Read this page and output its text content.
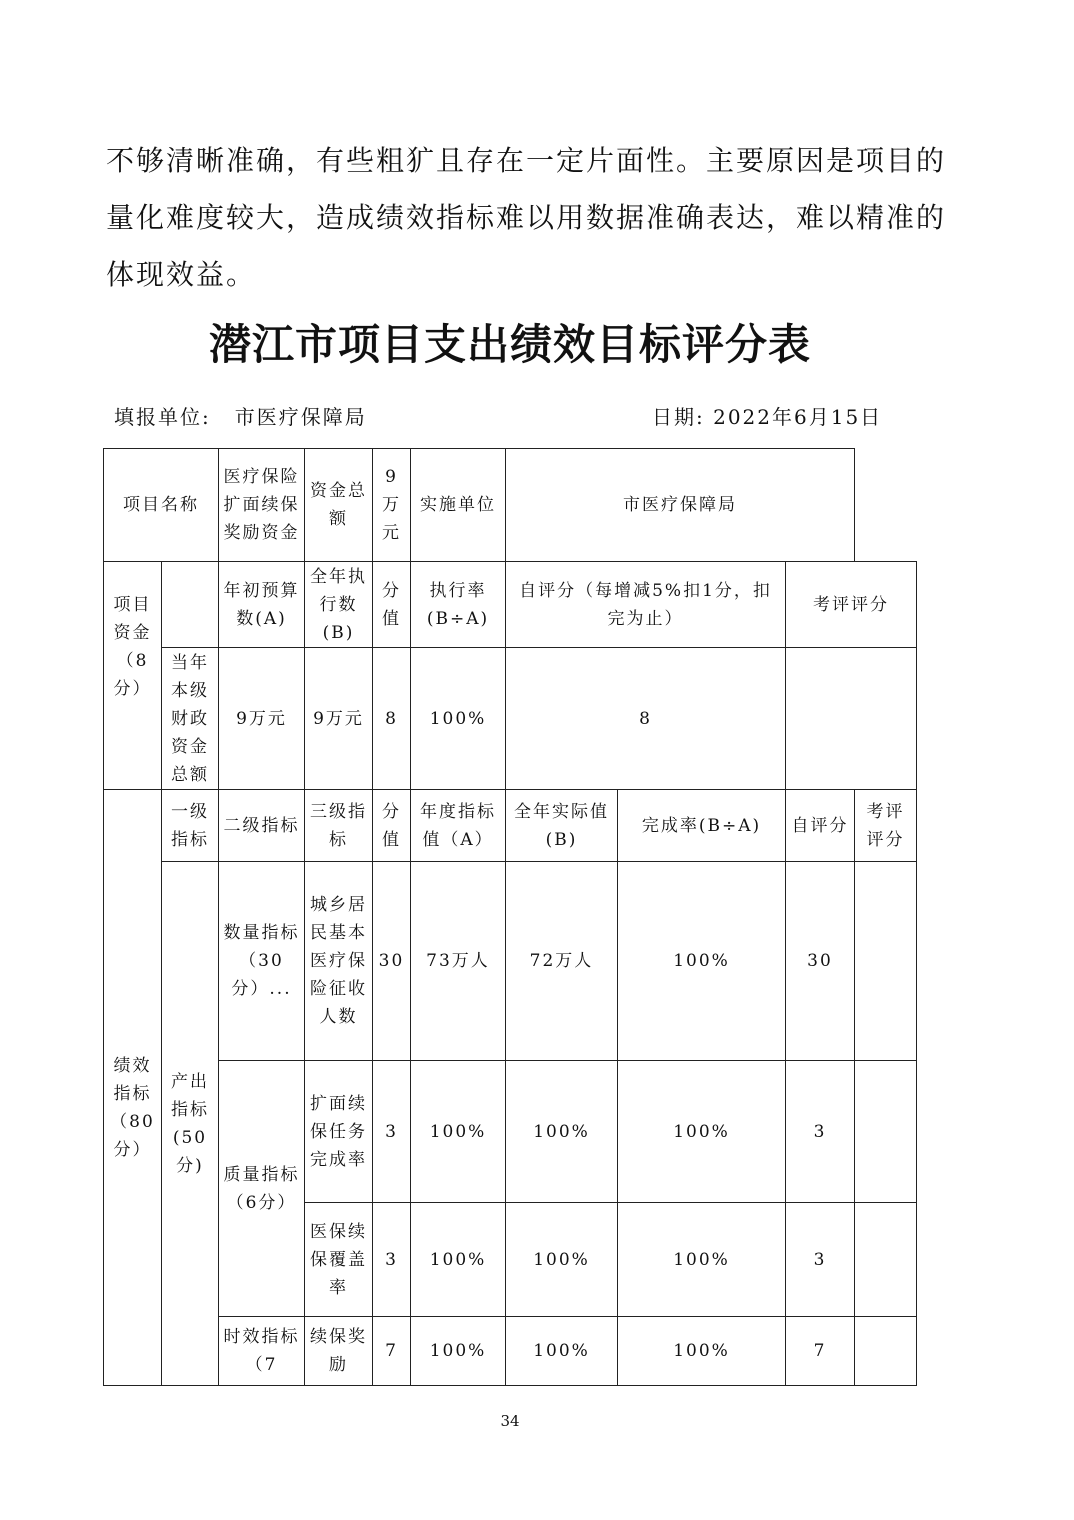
不够清晰准确，有些粗犷且存在一定片面性。主要原因是项目的

量化难度较大，造成绩效指标难以用数据准确表达，难以精准的

体现效益。

潜江市项目支出绩效目标评分表
填报单位: 市医疗保障局	日期: 2022年6月15日
项目名称		医疗保险扩面续保奖励资金	资金总额	9万元	实施单位	市医疗保障局			
项目资金（8分）		年初预算数(A)	全年执行数(B)	分值	执行率(B÷A)	自评分（每增减5%扣1分，扣完为止）		考评评分	
	当年本级财政资金总额	9万元	9万元	8	100%	8			
绩效指标（80分）	一级指标	二级指标	三级指标	分值	年度指标值（A）	全年实际值(B)	完成率(B÷A)	自评分	考评评分
	产出指标(50分)	数量指标（30分）...	城乡居民基本医疗保险征收人数	30	73万人	72万人	100%	30	
		质量指标（6分）	扩面续保任务完成率	3	100%	100%	100%	3	
			医保续保覆盖率	3	100%	100%	100%	3	
		时效指标（7	续保奖励	7	100%	100%	100%	7	
34
